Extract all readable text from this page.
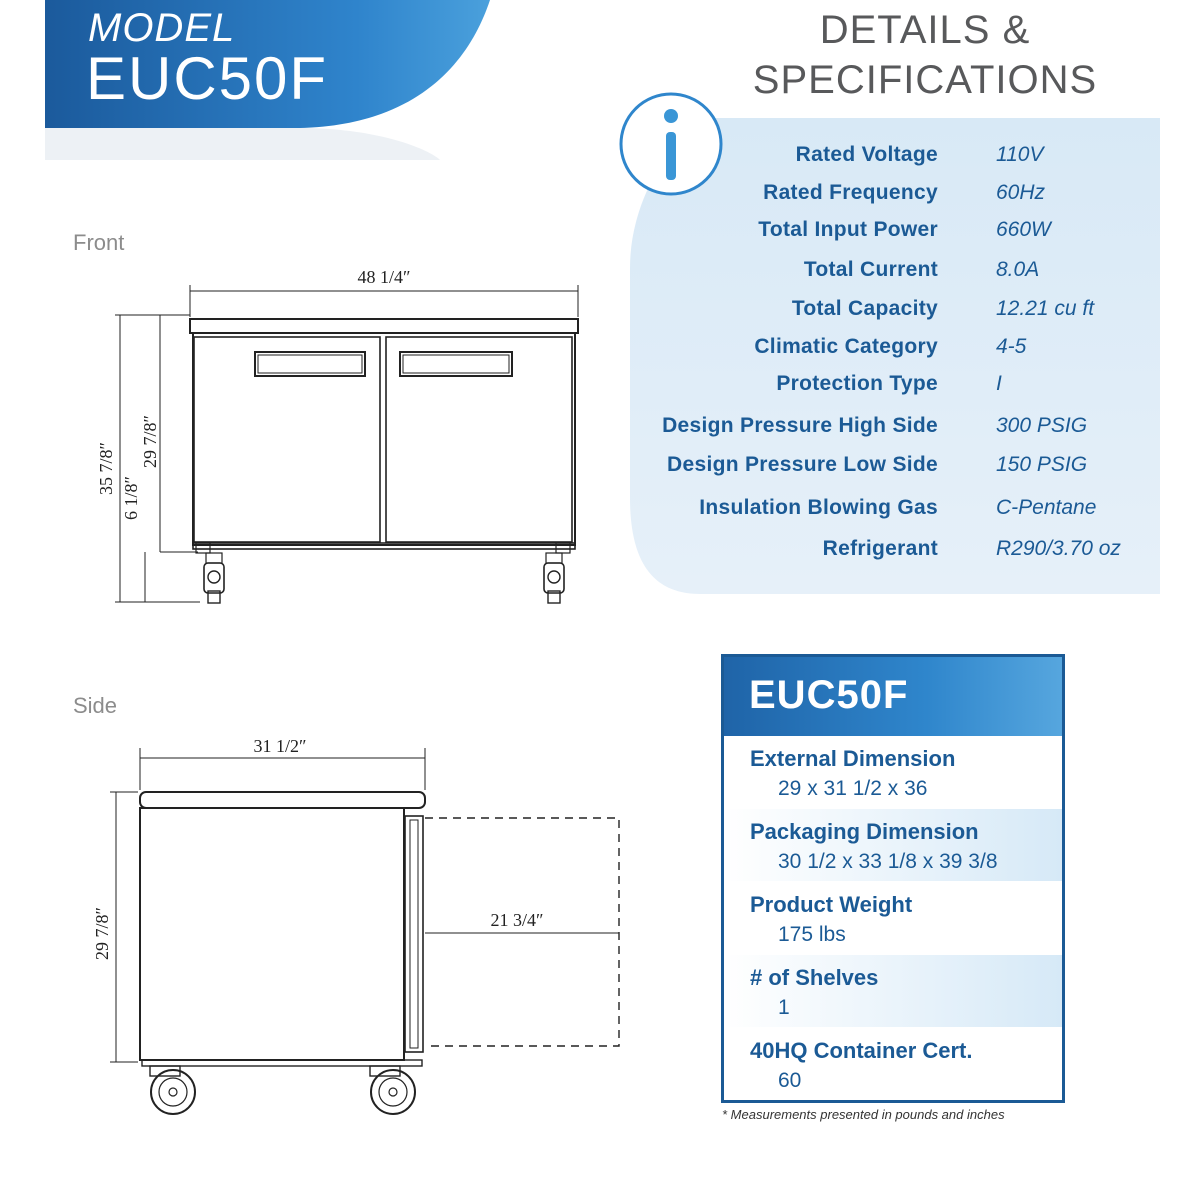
MODEL
EUC50F
DETAILS &
SPECIFICATIONS
Rated Voltage	110V
Rated Frequency	60Hz
Total Input Power	660W
Total Current	8.0A
Total Capacity	12.21 cu ft
Climatic Category	4-5
Protection Type	I
Design Pressure High Side	300 PSIG
Design Pressure Low Side	150 PSIG
Insulation Blowing Gas	C-Pentane
Refrigerant	R290/3.70 oz
Front
48 1/4″
35 7/8″
29 7/8″
6 1/8″
Side
31 1/2″
29 7/8″	21 3/4″
EUC50F
External Dimension
29 x 31 1/2 x 36
Packaging Dimension
30 1/2 x 33 1/8 x 39 3/8
Product Weight
175 lbs
# of Shelves
1
40HQ Container Cert.
60
* Measurements presented in pounds and inches
